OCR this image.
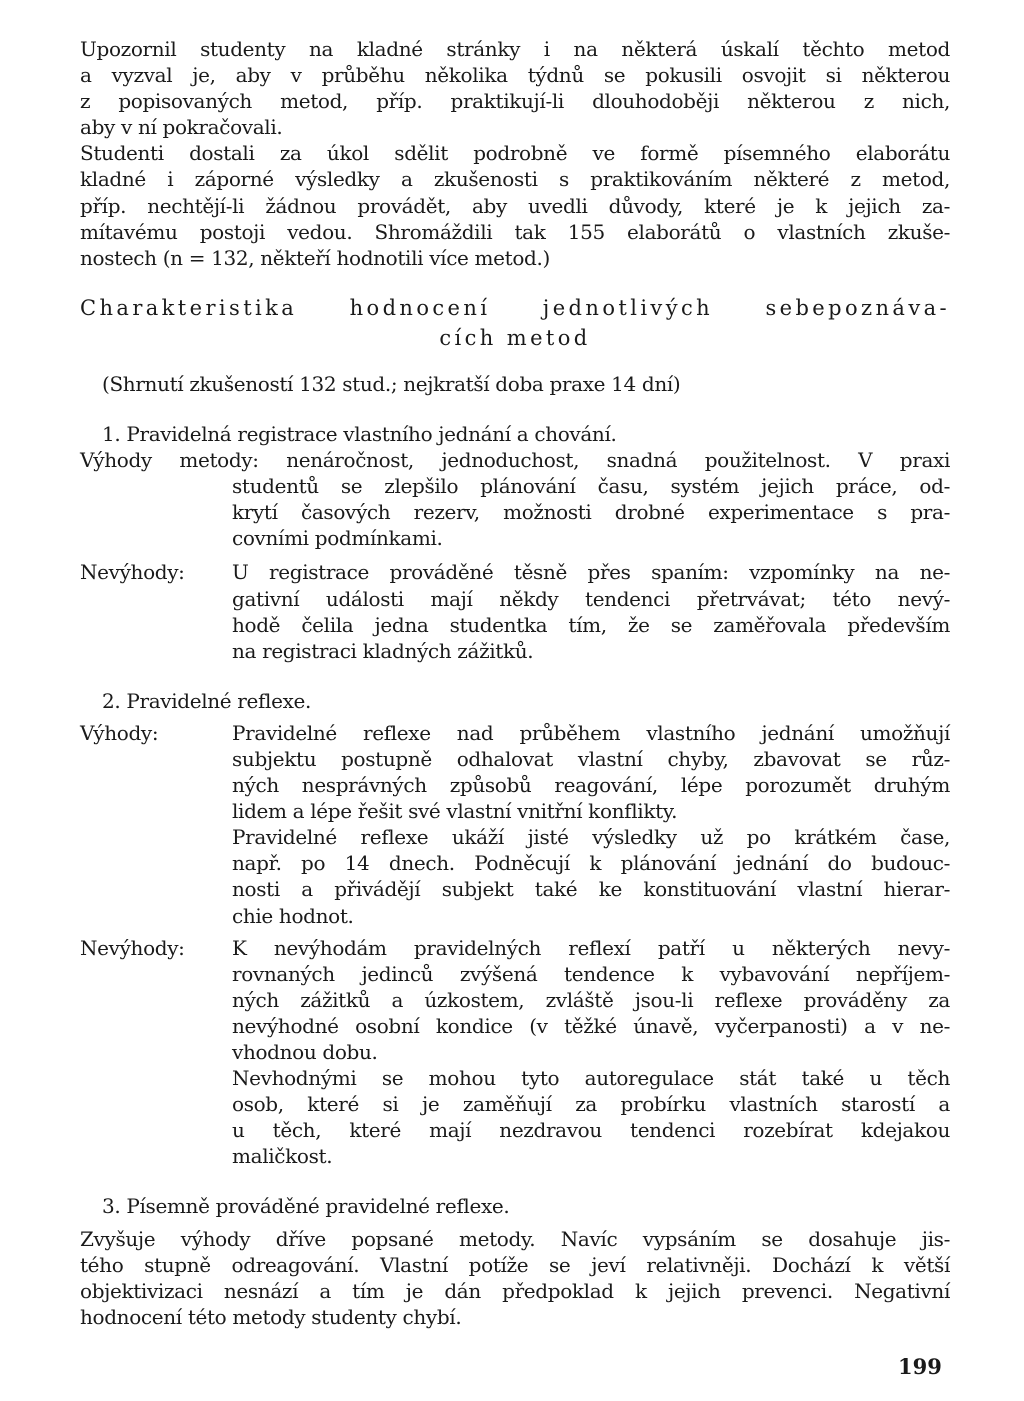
Upozornil studenty na kladné stránky i na některá úskalí těchto metod
a vyzval je, aby v průběhu několika týdnů se pokusili osvojit si některou
z popisovaných metod, příp. praktikují-li dlouhodoběji některou z nich,
aby v ní pokračovali.

Studenti dostali za úkol sdělit podrobně ve formě písemného elaborátu
kladné i záporné výsledky a zkušenosti s praktikováním některé z metod,
příp. nechtějí-li žádnou provádět, aby uvedli důvody, které je k jejich za-
mítavému postoji vedou. Shromáždili tak 155 elaborátů o vlastních zkuše-
nostech (n = 132, někteří hodnotili více metod.)

Charakteristika hodnocení jednotlivých sebepoznáva-
cích metod
(Shrnutí zkušeností 132 stud.; nejkratší doba praxe 14 dní)
1. Pravidelná registrace vlastního jednání a chování.
Výhody metody: nenáročnost, jednoduchost, snadná použitelnost. V praxi
studentů se zlepšilo plánování času, systém jejich práce, od-
krytí časových rezerv, možnosti drobné experimentace s pra-
covními podmínkami.
Nevýhody:	U registrace prováděné těsně přes spaním: vzpomínky na ne-
gativní události mají někdy tendenci přetrvávat; této nevý-
hodě čelila jedna studentka tím, že se zaměřovala především
na registraci kladných zážitků.
2. Pravidelné reflexe.
Výhody:	Pravidelné reflexe nad průběhem vlastního jednání umožňují
subjektu postupně odhalovat vlastní chyby, zbavovat se růz-
ných nesprávných způsobů reagování, lépe porozumět druhým
lidem a lépe řešit své vlastní vnitřní konflikty.
Pravidelné reflexe ukáží jisté výsledky už po krátkém čase,
např. po 14 dnech. Podněcují k plánování jednání do budouc-
nosti a přivádějí subjekt také ke konstituování vlastní hierar-
chie hodnot.
Nevýhody:	K nevýhodám pravidelných reflexí patří u některých nevy-
rovnaných jedinců zvýšená tendence k vybavování nepříjem-
ných zážitků a úzkostem, zvláště jsou-li reflexe prováděny za
nevýhodné osobní kondice (v těžké únavě, vyčerpanosti) a v ne-
vhodnou dobu.
Nevhodnými se mohou tyto autoregulace stát také u těch
osob, které si je zaměňují za probírku vlastních starostí a
u těch, které mají nezdravou tendenci rozebírat kdejakou
maličkost.
3. Písemně prováděné pravidelné reflexe.

Zvyšuje výhody dříve popsané metody. Navíc vypsáním se dosahuje jis-
tého stupně odreagování. Vlastní potíže se jeví relativněji. Dochází k větší
objektivizaci nesnází a tím je dán předpoklad k jejich prevenci. Negativní
hodnocení této metody studenty chybí.

199
